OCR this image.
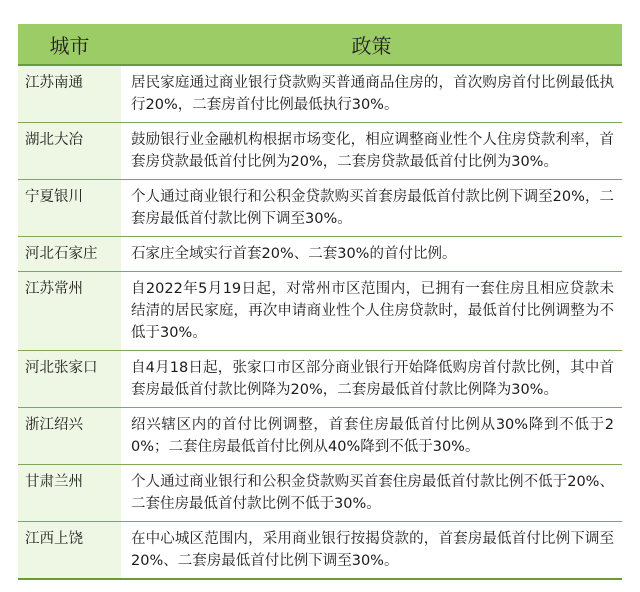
城市	政策
江苏南通	居民家庭通过商业银行贷款购买普通商品住房的，首次购房首付比例最低执行20%，二套房首付比例最低执行30%。
湖北大冶	鼓励银行业金融机构根据市场变化，相应调整商业性个人住房贷款利率，首套房贷款最低首付比例为20%，二套房贷款最低首付比例为30%。
宁夏银川	个人通过商业银行和公积金贷款购买首套房最低首付款比例下调至20%，二套房最低首付款比例下调至30%。
河北石家庄	石家庄全域实行首套20%、二套30%的首付比例。
江苏常州	自2022年5月19日起，对常州市区范围内，已拥有一套住房且相应贷款未结清的居民家庭，再次申请商业性个人住房贷款时，最低首付比例调整为不低于30%。
河北张家口	自4月18日起，张家口市区部分商业银行开始降低购房首付款比例，其中首套房最低首付款比例降为20%，二套房最低首付款比例降为30%。
浙江绍兴	绍兴辖区内的首付比例调整，首套住房最低首付比例从30%降到不低于20%；二套住房最低首付比例从40%降到不低于30%。
甘肃兰州	个人通过商业银行和公积金贷款购买首套住房最低首付款比例不低于20%、二套住房最低首付款比例不低于30%。
江西上饶	在中心城区范围内，采用商业银行按揭贷款的，首套房最低首付比例下调至20%、二套房最低首付比例下调至30%。
